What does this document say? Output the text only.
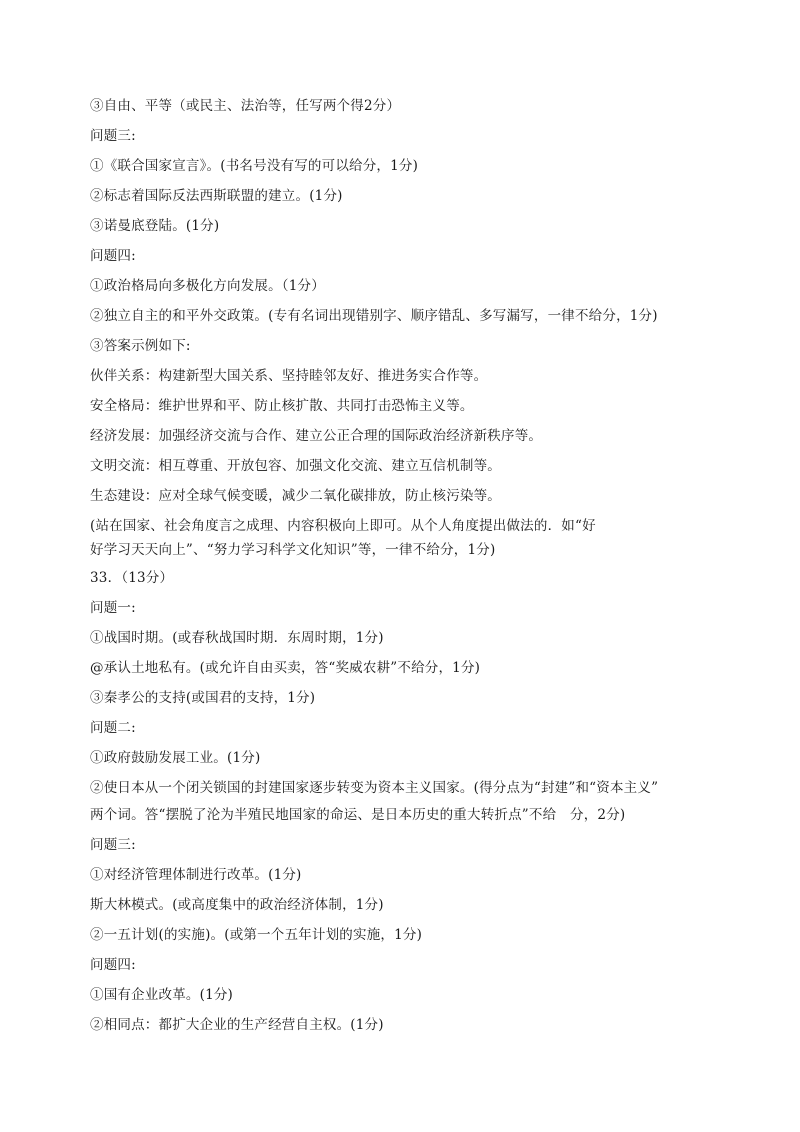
③自由、平等（或民主、法治等，任写两个得2分）
问题三:
①《联合国家宣言》。(书名号没有写的可以给分，1分)
②标志着国际反法西斯联盟的建立。(1分)
③诺曼底登陆。(1分)
问题四:
①政治格局向多极化方向发展。（1分）
②独立自主的和平外交政策。(专有名词出现错别字、顺序错乱、多写漏写，一律不给分，1分)
③答案示例如下:
伙伴关系：构建新型大国关系、坚持睦邻友好、推进务实合作等。
安全格局：维护世界和平、防止核扩散、共同打击恐怖主义等。
经济发展：加强经济交流与合作、建立公正合理的国际政治经济新秩序等。
文明交流：相互尊重、开放包容、加强文化交流、建立互信机制等。
生态建设：应对全球气候变暖，减少二氧化碳排放，防止核污染等。
(站在国家、社会角度言之成理、内容积极向上即可。从个人角度提出做法的．如“好
好学习天天向上”、“努力学习科学文化知识”等，一律不给分，1分)
33．（13分）
问题一:
①战国时期。(或春秋战国时期．东周时期，1分)
@承认土地私有。(或允许自由买卖，答“奖威农耕”不给分，1分)
③秦孝公的支持(或国君的支持，1分)
问题二:
①政府鼓励发展工业。(1分)
②使日本从一个闭关锁国的封建国家逐步转变为资本主义国家。(得分点为“封建”和“资本主义”
两个词。答“摆脱了沦为半殖民地国家的命运、是日本历史的重大转折点”不给　分，2分)
问题三:
①对经济管理体制进行改革。(1分)
斯大林模式。(或高度集中的政治经济体制，1分)
②一五计划(的实施)。(或第一个五年计划的实施，1分)
问题四:
①国有企业改革。(1分)
②相同点：都扩大企业的生产经营自主权。(1分)
